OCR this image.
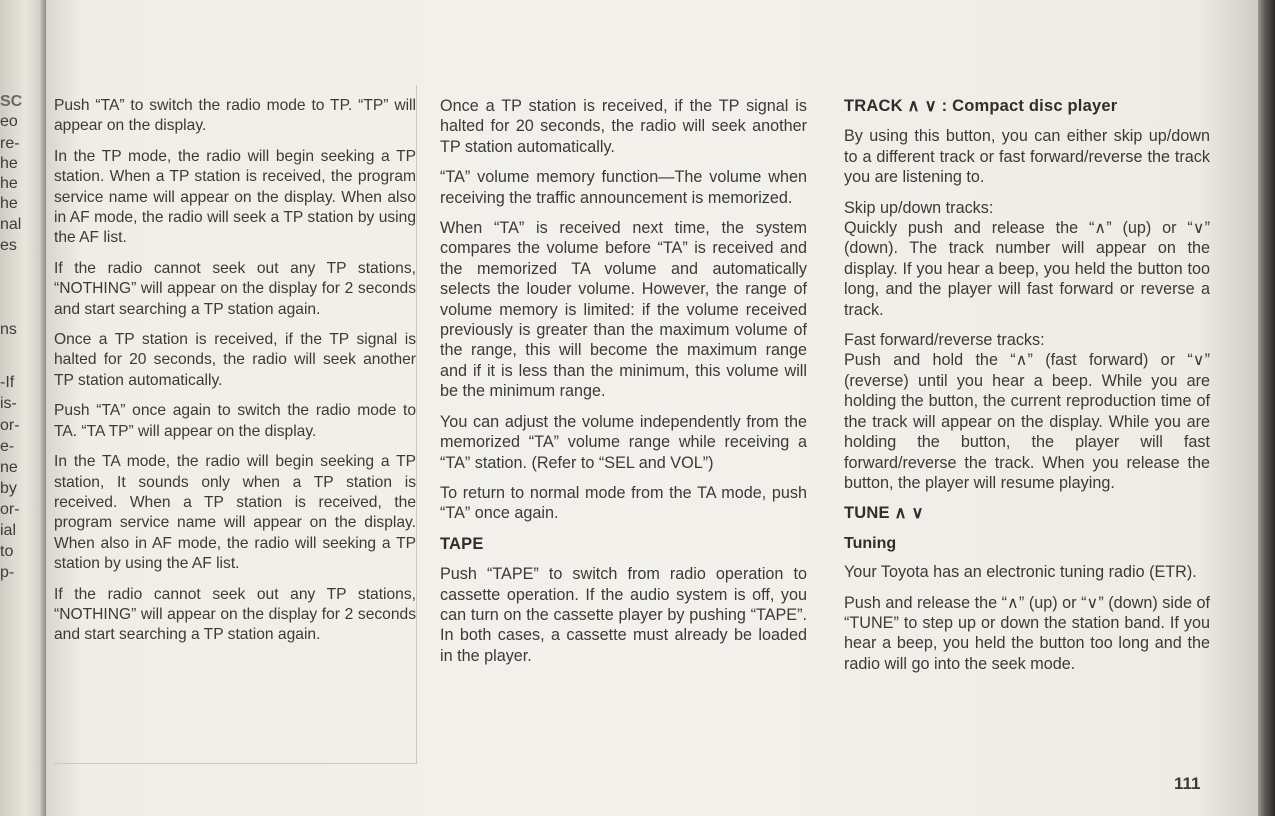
SC
eo
re-
he
he
he
nal
es
ns
-If
is-
or-
e-
ne
by
or-
ial
to
p-

Push “TA” to switch the radio mode to TP. “TP” will appear on the display.

In the TP mode, the radio will begin seeking a TP station. When a TP station is received, the program service name will appear on the display. When also in AF mode, the radio will seek a TP station by using the AF list.

If the radio cannot seek out any TP stations, “NOTHING” will appear on the display for 2 seconds and start searching a TP station again.

Once a TP station is received, if the TP signal is halted for 20 seconds, the radio will seek another TP station automatically.

Push “TA” once again to switch the radio mode to TA. “TA TP” will appear on the display.

In the TA mode, the radio will begin seeking a TP station, It sounds only when a TP station is received. When a TP station is received, the program service name will appear on the display. When also in AF mode, the radio will seeking a TP station by using the AF list.

If the radio cannot seek out any TP stations, “NOTHING” will appear on the display for 2 seconds and start searching a TP station again.

Once a TP station is received, if the TP signal is halted for 20 seconds, the radio will seek another TP station automatically.

“TA” volume memory function—The volume when receiving the traffic announcement is memorized.

When “TA” is received next time, the system compares the volume before “TA” is received and the memorized TA volume and automatically selects the louder volume. However, the range of volume memory is limited: if the volume received previously is greater than the maximum volume of the range, this will become the maximum range and if it is less than the minimum, this volume will be the minimum range.

You can adjust the volume independently from the memorized “TA” volume range while receiving a “TA” station. (Refer to “SEL and VOL”)

To return to normal mode from the TA mode, push “TA” once again.

TAPE

Push “TAPE” to switch from radio operation to cassette operation. If the audio system is off, you can turn on the cassette player by pushing “TAPE”. In both cases, a cassette must already be loaded in the player.

TRACK ∧ ∨ : Compact disc player

By using this button, you can either skip up/down to a different track or fast forward/reverse the track you are listening to.

Skip up/down tracks:

Quickly push and release the “∧” (up) or “∨” (down). The track number will appear on the display. If you hear a beep, you held the button too long, and the player will fast forward or reverse a track.

Fast forward/reverse tracks:

Push and hold the “∧” (fast forward) or “∨” (reverse) until you hear a beep. While you are holding the button, the current reproduction time of the track will appear on the display. While you are holding the button, the player will fast forward/reverse the track. When you release the button, the player will resume playing.

TUNE ∧ ∨
Tuning

Your Toyota has an electronic tuning radio (ETR).

Push and release the “∧” (up) or “∨” (down) side of “TUNE” to step up or down the station band. If you hear a beep, you held the button too long and the radio will go into the seek mode.

111
